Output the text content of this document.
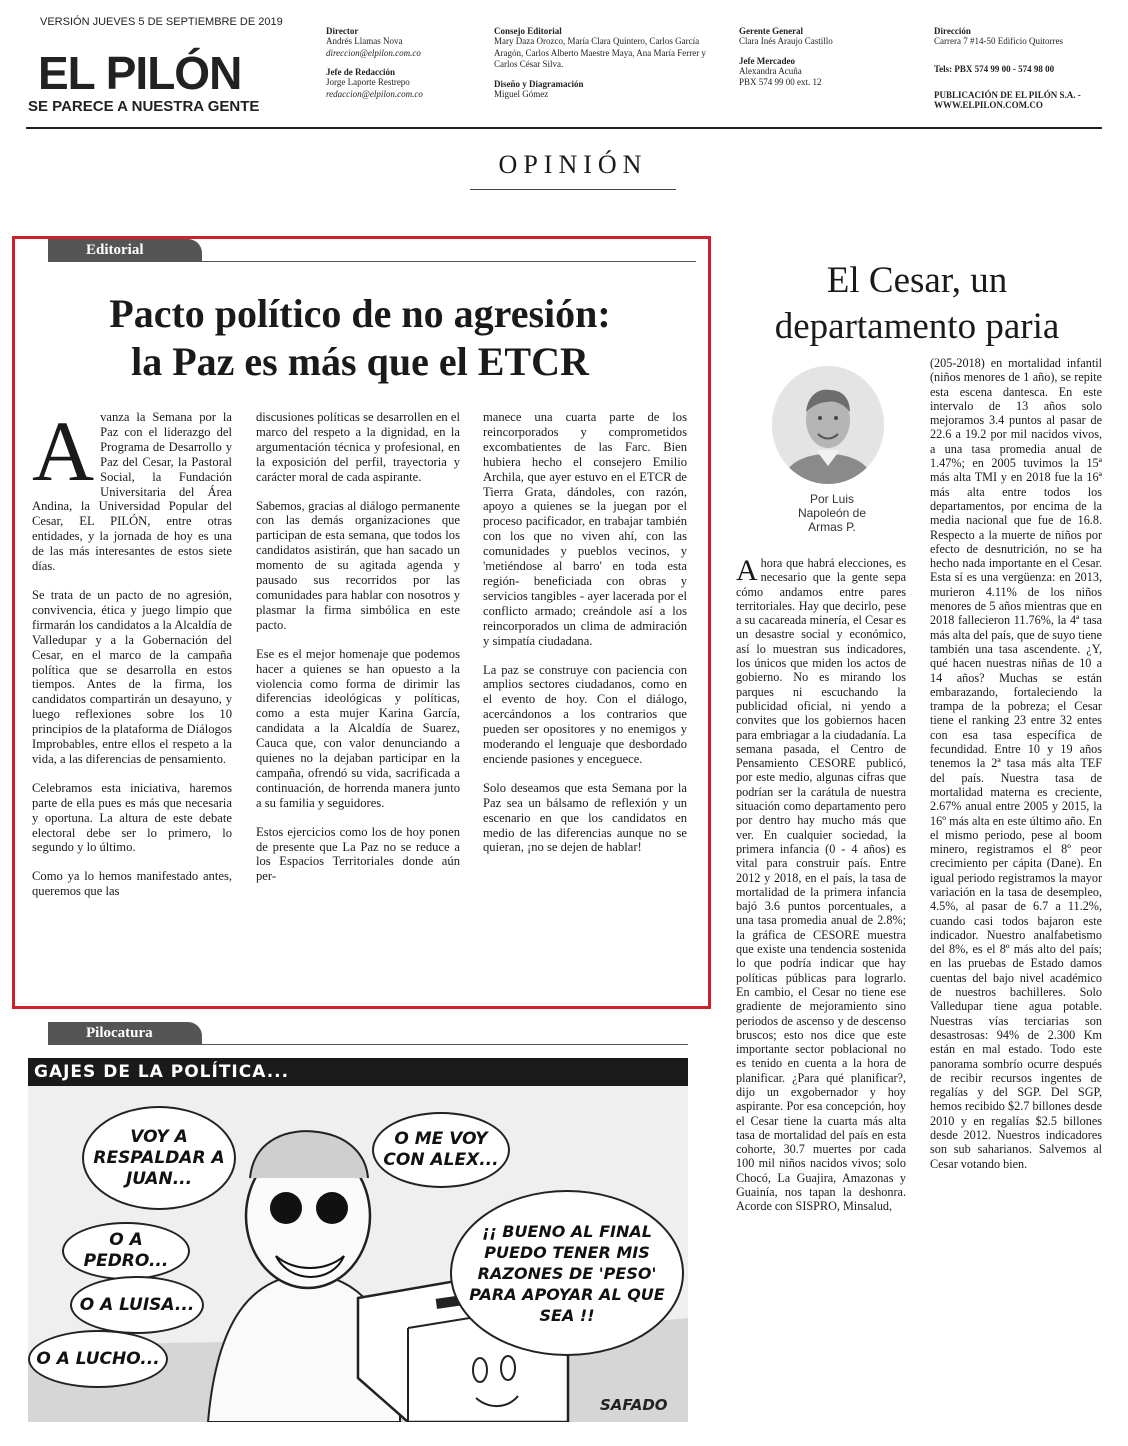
VERSIÓN JUEVES 5 DE SEPTIEMBRE DE 2019
EL PILÓN
SE PARECE A NUESTRA GENTE
Director
Andrés Llamas Nova
direccion@elpilon.com.co
Jefe de Redacción
Jorge Laporte Restrepo
redaccion@elpilon.com.co
Consejo Editorial
Mary Daza Orozco, María Clara Quintero, Carlos García Aragón, Carlos Alberto Maestre Maya, Ana María Ferrer y Carlos César Silva.
Diseño y Diagramación
Miguel Gómez
Gerente General
Clara Inés Araujo Castillo
Jefe Mercadeo
Alexandra Acuña
PBX 574 99 00 ext. 12
Dirección
Carrera 7 #14-50 Edificio Quitorres
Tels: PBX 574 99 00 - 574 98 00
PUBLICACIÓN DE EL PILÓN S.A. - WWW.ELPILON.COM.CO
OPINIÓN
Editorial
Pacto político de no agresión:
la Paz es más que el ETCR

Avanza la Semana por la Paz con el liderazgo del Programa de Desarrollo y Paz del Cesar, la Pastoral Social, la Fundación Universitaria del Área Andina, la Universidad Popular del Cesar, EL PILÓN, entre otras entidades, y la jornada de hoy es una de las más interesantes de estos siete días.

Se trata de un pacto de no agresión, convivencia, ética y juego limpio que firmarán los candidatos a la Alcaldía de Valledupar y a la Gobernación del Cesar, en el marco de la campaña política que se desarrolla en estos tiempos. Antes de la firma, los candidatos compartirán un desayuno, y luego reflexiones sobre los 10 principios de la plataforma de Diálogos Improbables, entre ellos el respeto a la vida, a las diferencias de pensamiento.

Celebramos esta iniciativa, haremos parte de ella pues es más que necesaria y oportuna. La altura de este debate electoral debe ser lo primero, lo segundo y lo último.

Como ya lo hemos manifestado antes, queremos que las

discusiones políticas se desarrollen en el marco del respeto a la dignidad, en la argumentación técnica y profesional, en la exposición del perfil, trayectoria y carácter moral de cada aspirante.

Sabemos, gracias al diálogo permanente con las demás organizaciones que participan de esta semana, que todos los candidatos asistirán, que han sacado un momento de su agitada agenda y pausado sus recorridos por las comunidades para hablar con nosotros y plasmar la firma simbólica en este pacto.

Ese es el mejor homenaje que podemos hacer a quienes se han opuesto a la violencia como forma de dirimir las diferencias ideológicas y políticas, como a esta mujer Karina García, candidata a la Alcaldía de Suarez, Cauca que, con valor denunciando a quienes no la dejaban participar en la campaña, ofrendó su vida, sacrificada a continuación, de horrenda manera junto a su familia y seguidores.

Estos ejercicios como los de hoy ponen de presente que La Paz no se reduce a los Espacios Territoriales donde aún per-

manece una cuarta parte de los reincorporados y comprometidos excombatientes de las Farc. Bien hubiera hecho el consejero Emilio Archila, que ayer estuvo en el ETCR de Tierra Grata, dándoles, con razón, apoyo a quienes se la juegan por el proceso pacificador, en trabajar también con los que no viven ahí, con las comunidades y pueblos vecinos, y 'metiéndose al barro' en toda esta región- beneficiada con obras y servicios tangibles - ayer lacerada por el conflicto armado; creándole así a los reincorporados un clima de admiración y simpatía ciudadana.

La paz se construye con paciencia con amplios sectores ciudadanos, como en el evento de hoy. Con el diálogo, acercándonos a los contrarios que pueden ser opositores y no enemigos y moderando el lenguaje que desbordado enciende pasiones y enceguece.

Solo deseamos que esta Semana por la Paz sea un bálsamo de reflexión y un escenario en que los candidatos en medio de las diferencias aunque no se quieran, ¡no se dejen de hablar!

El Cesar, un
departamento paria
Por Luis
Napoleón de
Armas P.
Ahora que habrá elecciones, es necesario que la gente sepa cómo andamos entre pares territoriales. Hay que decirlo, pese a su cacareada minería, el Cesar es un desastre social y económico, así lo muestran sus indicadores, los únicos que miden los actos de gobierno. No es mirando los parques ni escuchando la publicidad oficial, ni yendo a convites que los gobiernos hacen para embriagar a la ciudadanía. La semana pasada, el Centro de Pensamiento CESORE publicó, por este medio, algunas cifras que podrían ser la carátula de nuestra situación como departamento pero por dentro hay mucho más que ver. En cualquier sociedad, la primera infancia (0 - 4 años) es vital para construir país. Entre 2012 y 2018, en el país, la tasa de mortalidad de la primera infancia bajó 3.6 puntos porcentuales, a una tasa promedia anual de 2.8%; la gráfica de CESORE muestra que existe una tendencia sostenida lo que podría indicar que hay políticas públicas para lograrlo. En cambio, el Cesar no tiene ese gradiente de mejoramiento sino periodos de ascenso y de descenso bruscos; esto nos dice que este importante sector poblacional no es tenido en cuenta a la hora de planificar. ¿Para qué planificar?, dijo un exgobernador y hoy aspirante. Por esa concepción, hoy el Cesar tiene la cuarta más alta tasa de mortalidad del país en esta cohorte, 30.7 muertes por cada 100 mil niños nacidos vivos; solo Chocó, La Guajira, Amazonas y Guainía, nos tapan la deshonra. Acorde con SISPRO, Minsalud,
(205-2018) en mortalidad infantil (niños menores de 1 año), se repite esta escena dantesca. En este intervalo de 13 años solo mejoramos 3.4 puntos al pasar de 22.6 a 19.2 por mil nacidos vivos, a una tasa promedia anual de 1.47%; en 2005 tuvimos la 15ª más alta TMI y en 2018 fue la 16ª más alta entre todos los departamentos, por encima de la media nacional que fue de 16.8. Respecto a la muerte de niños por efecto de desnutrición, no se ha hecho nada importante en el Cesar. Esta sí es una vergüenza: en 2013, murieron 4.11% de los niños menores de 5 años mientras que en 2018 fallecieron 11.76%, la 4ª tasa más alta del país, que de suyo tiene también una tasa ascendente. ¿Y, qué hacen nuestras niñas de 10 a 14 años? Muchas se están embarazando, fortaleciendo la trampa de la pobreza; el Cesar tiene el ranking 23 entre 32 entes con esa tasa específica de fecundidad. Entre 10 y 19 años tenemos la 2ª tasa más alta TEF del país. Nuestra tasa de mortalidad materna es creciente, 2.67% anual entre 2005 y 2015, la 16º más alta en este último año. En el mismo periodo, pese al boom minero, registramos el 8º peor crecimiento per cápita (Dane). En igual periodo registramos la mayor variación en la tasa de desempleo, 4.5%, al pasar de 6.7 a 11.2%, cuando casi todos bajaron este indicador. Nuestro analfabetismo del 8%, es el 8º más alto del país; en las pruebas de Estado damos cuentas del bajo nivel académico de nuestros bachilleres. Solo Valledupar tiene agua potable. Nuestras vías terciarias son desastrosas: 94% de 2.300 Km están en mal estado. Todo este panorama sombrío ocurre después de recibir recursos ingentes de regalías y del SGP. Del SGP, hemos recibido $2.7 billones desde 2010 y en regalías $2.5 billones desde 2012. Nuestros indicadores son sub saharianos. Salvemos al Cesar votando bien.
Pilocatura
GAJES DE LA POLÍTICA...
VOY A RESPALDAR A JUAN...
O ME VOY CON ALEX...
O A PEDRO...
O A LUISA...
O A LUCHO...
¡¡ BUENO AL FINAL PUEDO TENER MIS RAZONES DE 'PESO' PARA APOYAR AL QUE SEA !!
SAFADO
